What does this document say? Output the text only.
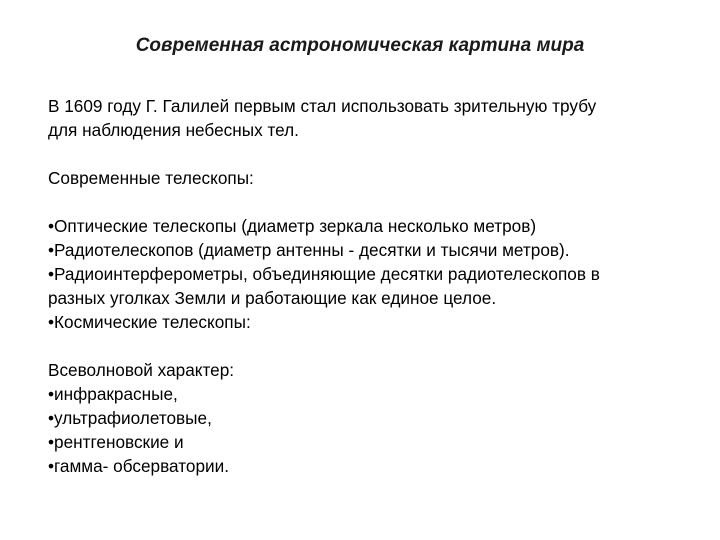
Современная астрономическая картина мира
В 1609 году Г. Галилей первым стал использовать зрительную трубу
для наблюдения небесных тел.
Современные телескопы:
• Оптические телескопы (диаметр зеркала несколько метров)
• Радиотелескопов (диаметр антенны - десятки и тысячи метров).
• Радиоинтерферометры, объединяющие десятки радиотелескопов в
разных уголках Земли и работающие как единое целое.
• Космические телескопы:
Всеволновой характер:
• инфракрасные,
• ультрафиолетовые,
• рентгеновские и
• гамма- обсерватории.
